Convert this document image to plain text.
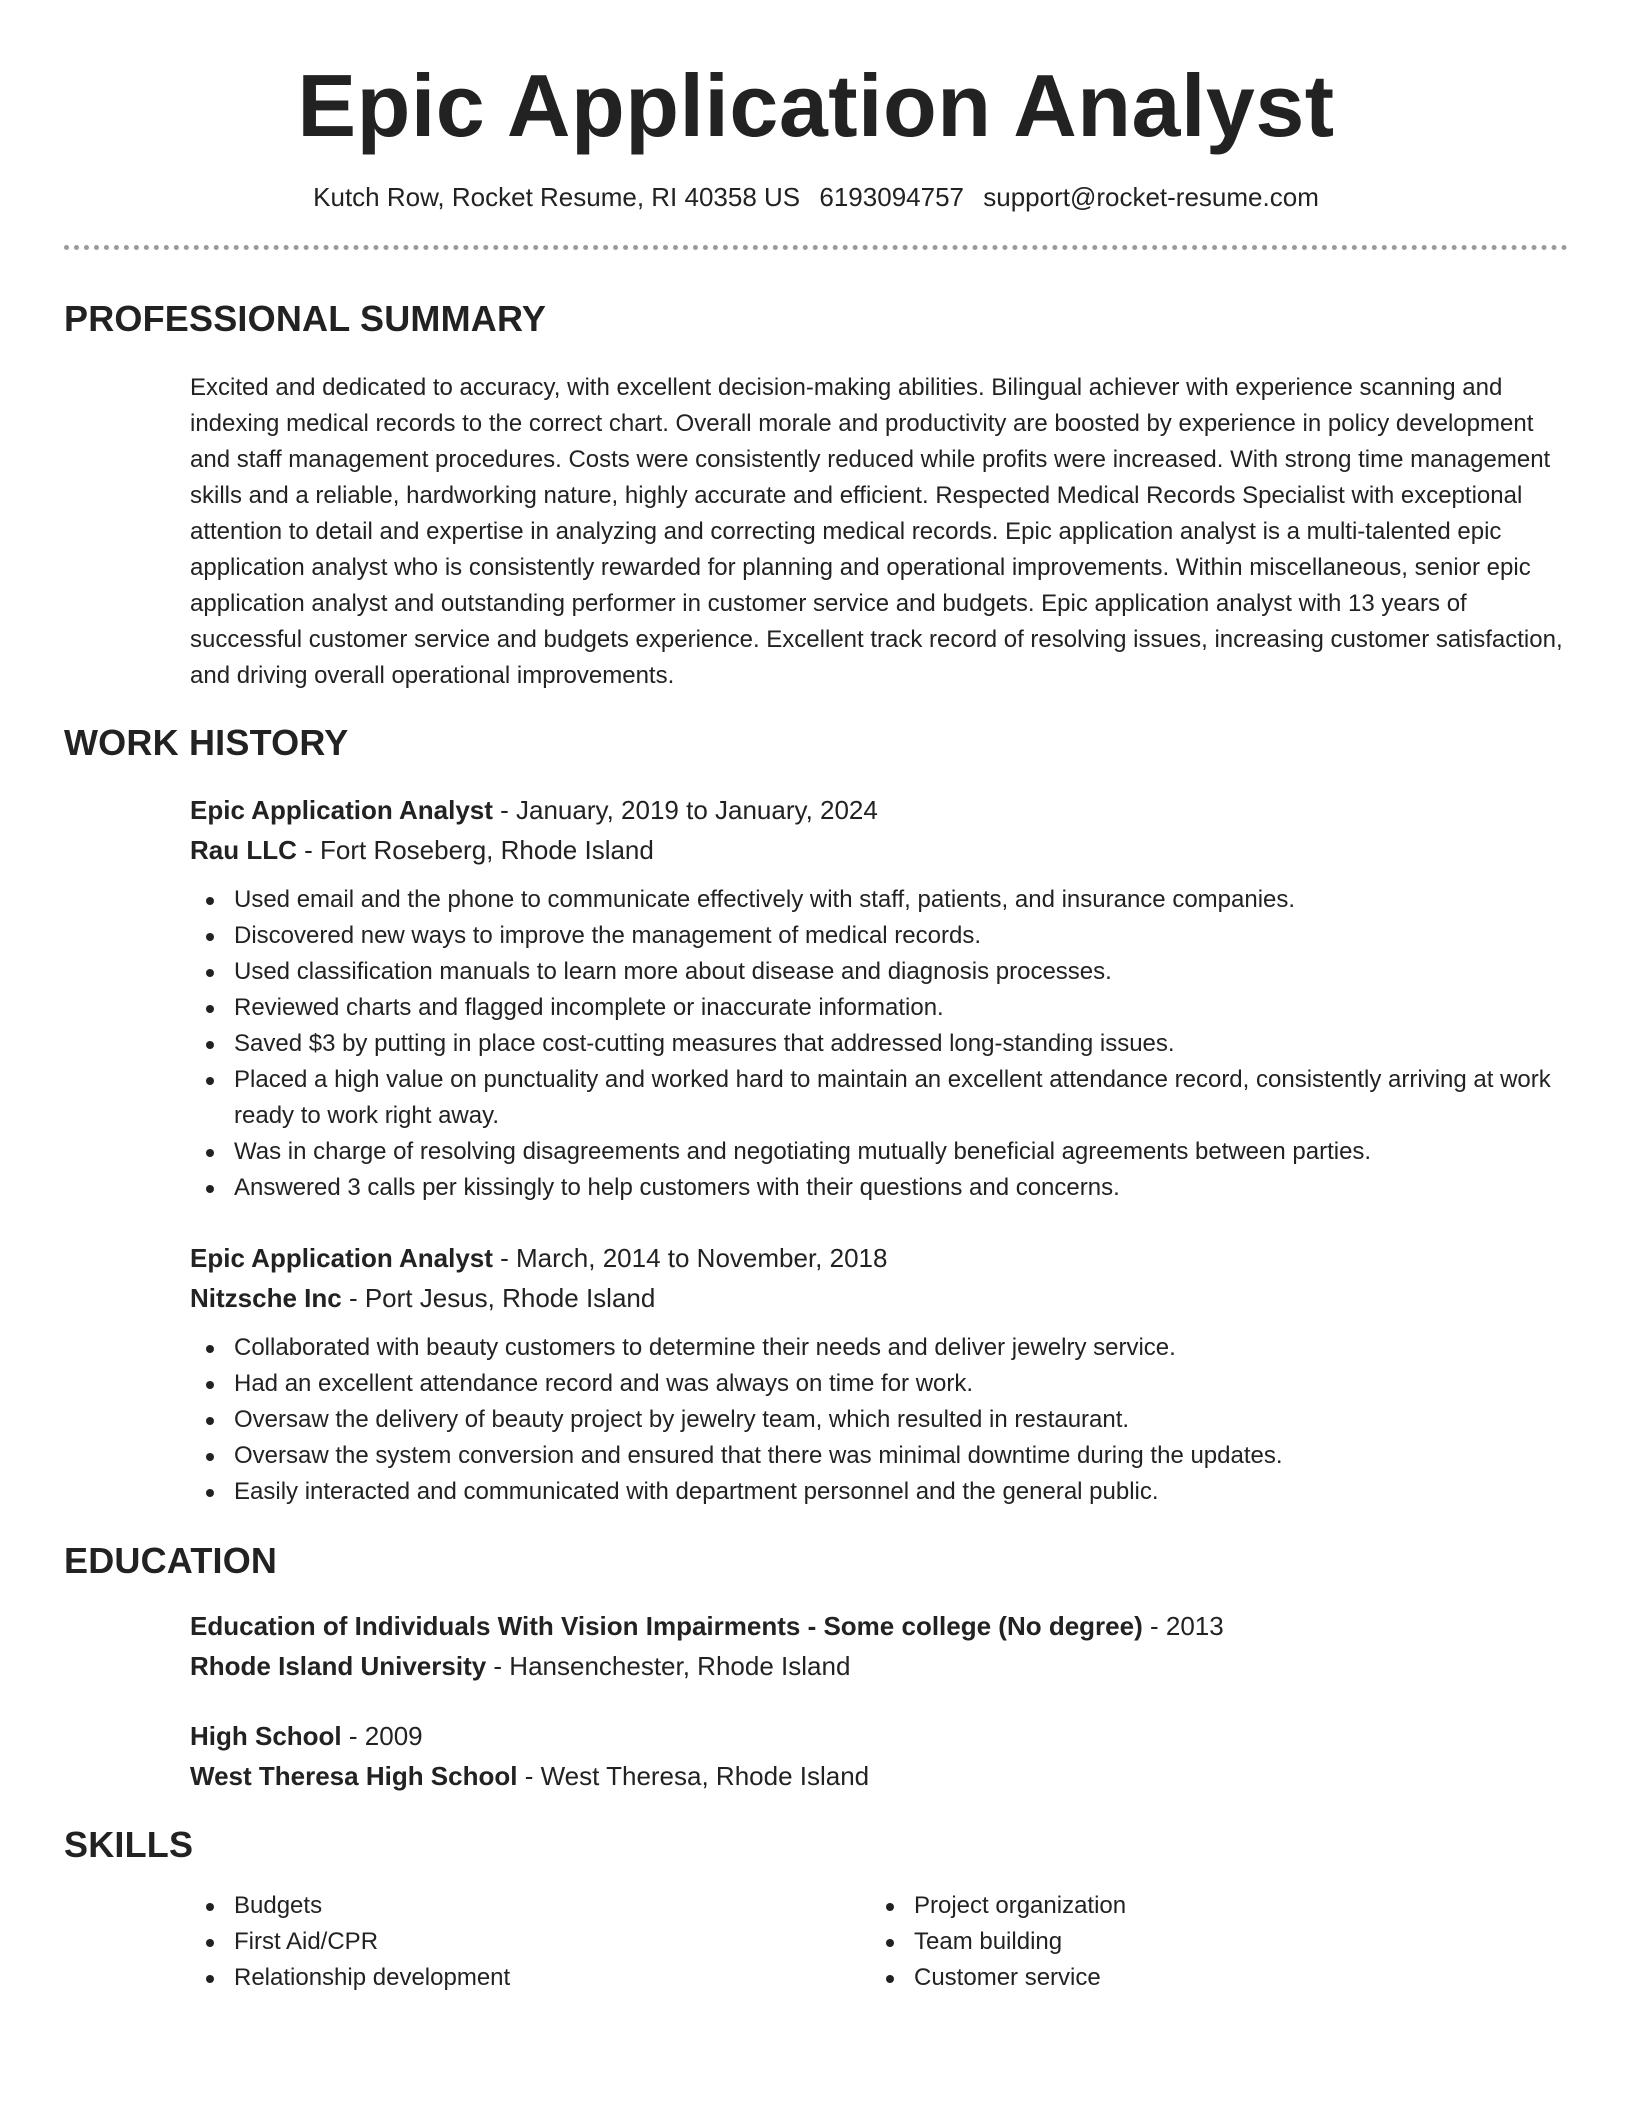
Epic Application Analyst
Kutch Row, Rocket Resume, RI 40358 US 6193094757 support@rocket-resume.com
PROFESSIONAL SUMMARY

Excited and dedicated to accuracy, with excellent decision-making abilities. Bilingual achiever with experience scanning and indexing medical records to the correct chart. Overall morale and productivity are boosted by experience in policy development and staff management procedures. Costs were consistently reduced while profits were increased. With strong time management skills and a reliable, hardworking nature, highly accurate and efficient. Respected Medical Records Specialist with exceptional attention to detail and expertise in analyzing and correcting medical records. Epic application analyst is a multi-talented epic application analyst who is consistently rewarded for planning and operational improvements. Within miscellaneous, senior epic application analyst and outstanding performer in customer service and budgets. Epic application analyst with 13 years of successful customer service and budgets experience. Excellent track record of resolving issues, increasing customer satisfaction, and driving overall operational improvements.

WORK HISTORY
Epic Application Analyst - January, 2019 to January, 2024
Rau LLC - Fort Roseberg, Rhode Island
Used email and the phone to communicate effectively with staff, patients, and insurance companies.
Discovered new ways to improve the management of medical records.
Used classification manuals to learn more about disease and diagnosis processes.
Reviewed charts and flagged incomplete or inaccurate information.
Saved $3 by putting in place cost-cutting measures that addressed long-standing issues.
Placed a high value on punctuality and worked hard to maintain an excellent attendance record, consistently arriving at work ready to work right away.
Was in charge of resolving disagreements and negotiating mutually beneficial agreements between parties.
Answered 3 calls per kissingly to help customers with their questions and concerns.
Epic Application Analyst - March, 2014 to November, 2018
Nitzsche Inc - Port Jesus, Rhode Island
Collaborated with beauty customers to determine their needs and deliver jewelry service.
Had an excellent attendance record and was always on time for work.
Oversaw the delivery of beauty project by jewelry team, which resulted in restaurant.
Oversaw the system conversion and ensured that there was minimal downtime during the updates.
Easily interacted and communicated with department personnel and the general public.
EDUCATION
Education of Individuals With Vision Impairments - Some college (No degree) - 2013
Rhode Island University - Hansenchester, Rhode Island
High School - 2009
West Theresa High School - West Theresa, Rhode Island
SKILLS
Budgets
First Aid/CPR
Relationship development
Project organization
Team building
Customer service
